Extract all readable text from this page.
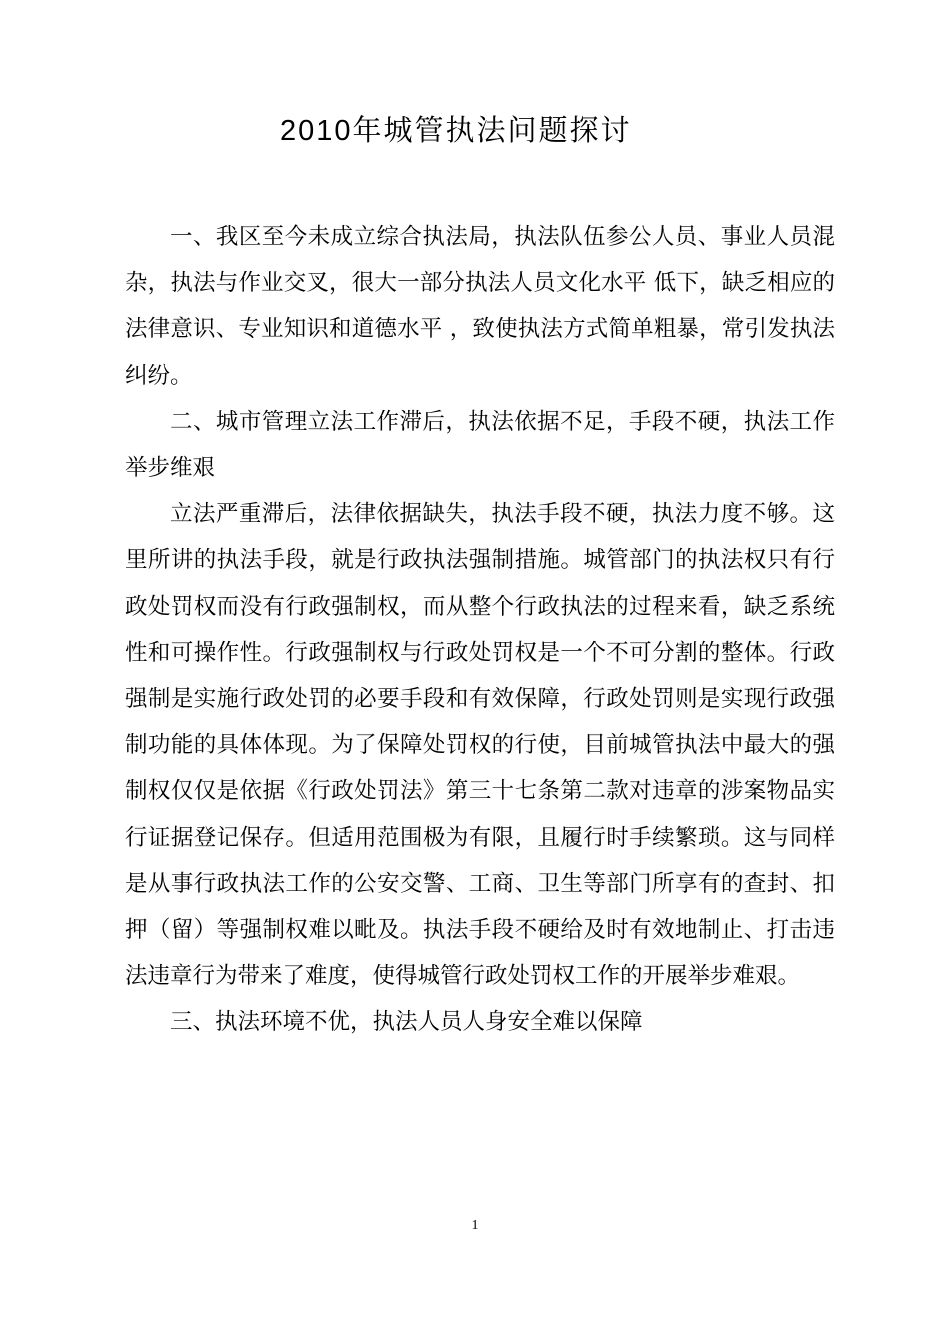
2010年城管执法问题探讨

一、我区至今未成立综合执法局，执法队伍参公人员、事业人员混杂，执法与作业交叉，很大一部分执法人员文化水平 低下，缺乏相应的法律意识、专业知识和道德水平 ，致使执法方式简单粗暴，常引发执法纠纷。

二、城市管理立法工作滞后，执法依据不足，手段不硬，执法工作举步维艰

立法严重滞后，法律依据缺失，执法手段不硬，执法力度不够。这里所讲的执法手段，就是行政执法强制措施。城管部门的执法权只有行政处罚权而没有行政强制权，而从整个行政执法的过程来看，缺乏系统性和可操作性。行政强制权与行政处罚权是一个不可分割的整体。行政强制是实施行政处罚的必要手段和有效保障，行政处罚则是实现行政强制功能的具体体现。为了保障处罚权的行使，目前城管执法中最大的强制权仅仅是依据《行政处罚法》第三十七条第二款对违章的涉案物品实行证据登记保存。但适用范围极为有限，且履行时手续繁琐。这与同样是从事行政执法工作的公安交警、工商、卫生等部门所享有的查封、扣押（留）等强制权难以毗及。执法手段不硬给及时有效地制止、打击违法违章行为带来了难度，使得城管行政处罚权工作的开展举步难艰。

三、执法环境不优，执法人员人身安全难以保障

1
